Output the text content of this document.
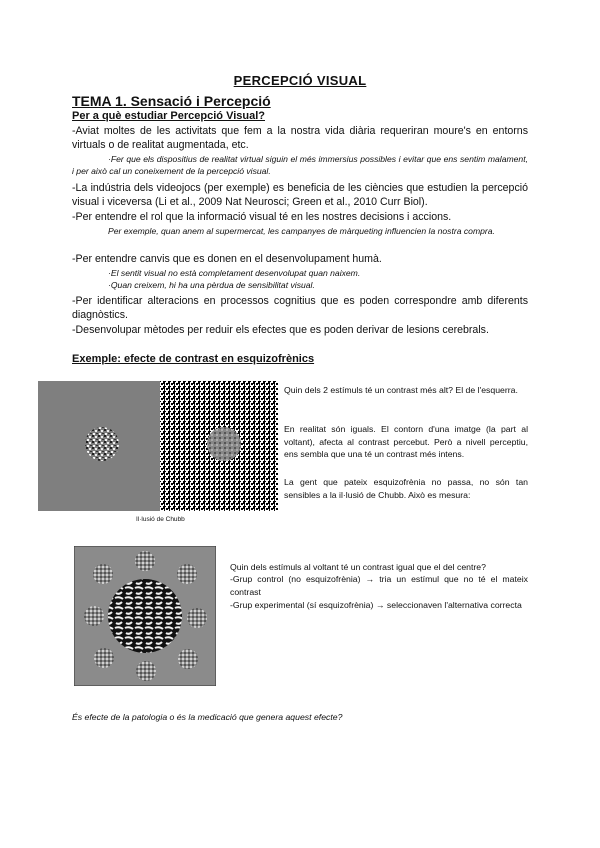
PERCEPCIÓ VISUAL
TEMA 1. Sensació i Percepció
Per a què estudiar Percepció Visual?
-Aviat moltes de les activitats que fem a la nostra vida diària requeriran moure's en entorns virtuals o de realitat augmentada, etc.
·Fer que els dispositius de realitat virtual siguin el més immersius possibles i evitar que ens sentim malament, i per això cal un coneixement de la percepció visual.
-La indústria dels videojocs (per exemple) es beneficia de les ciències que estudien la percepció visual i viceversa (Li et al., 2009 Nat Neurosci; Green et al., 2010 Curr Biol).
-Per entendre el rol que la informació visual té en les nostres decisions i accions.
Per exemple, quan anem al supermercat, les campanyes de màrqueting influencien la nostra compra.
-Per entendre canvis que es donen en el desenvolupament humà.
·El sentit visual no està completament desenvolupat quan naixem.
·Quan creixem, hi ha una pèrdua de sensibilitat visual.
-Per identificar alteracions en processos cognitius que es poden correspondre amb diferents diagnòstics.
-Desenvolupar mètodes per reduir els efectes que es poden derivar de lesions cerebrals.
Exemple: efecte de contrast en esquizofrènics
Il·lusió de Chubb
Quin dels 2 estímuls té un contrast més alt? El de l'esquerra.
En realitat són iguals. El contorn d'una imatge (la part al voltant), afecta al contrast percebut. Però a nivell perceptiu, ens sembla que una té un contrast més intens.
La gent que pateix esquizofrènia no passa, no són tan sensibles a la il·lusió de Chubb. Això es mesura:
Quin dels estímuls al voltant té un contrast igual que el del centre?
-Grup control (no esquizofrènia) → tria un estímul que no té el mateix contrast
-Grup experimental (sí esquizofrènia) → seleccionaven l'alternativa correcta
És efecte de la patologia o és la medicació que genera aquest efecte?
